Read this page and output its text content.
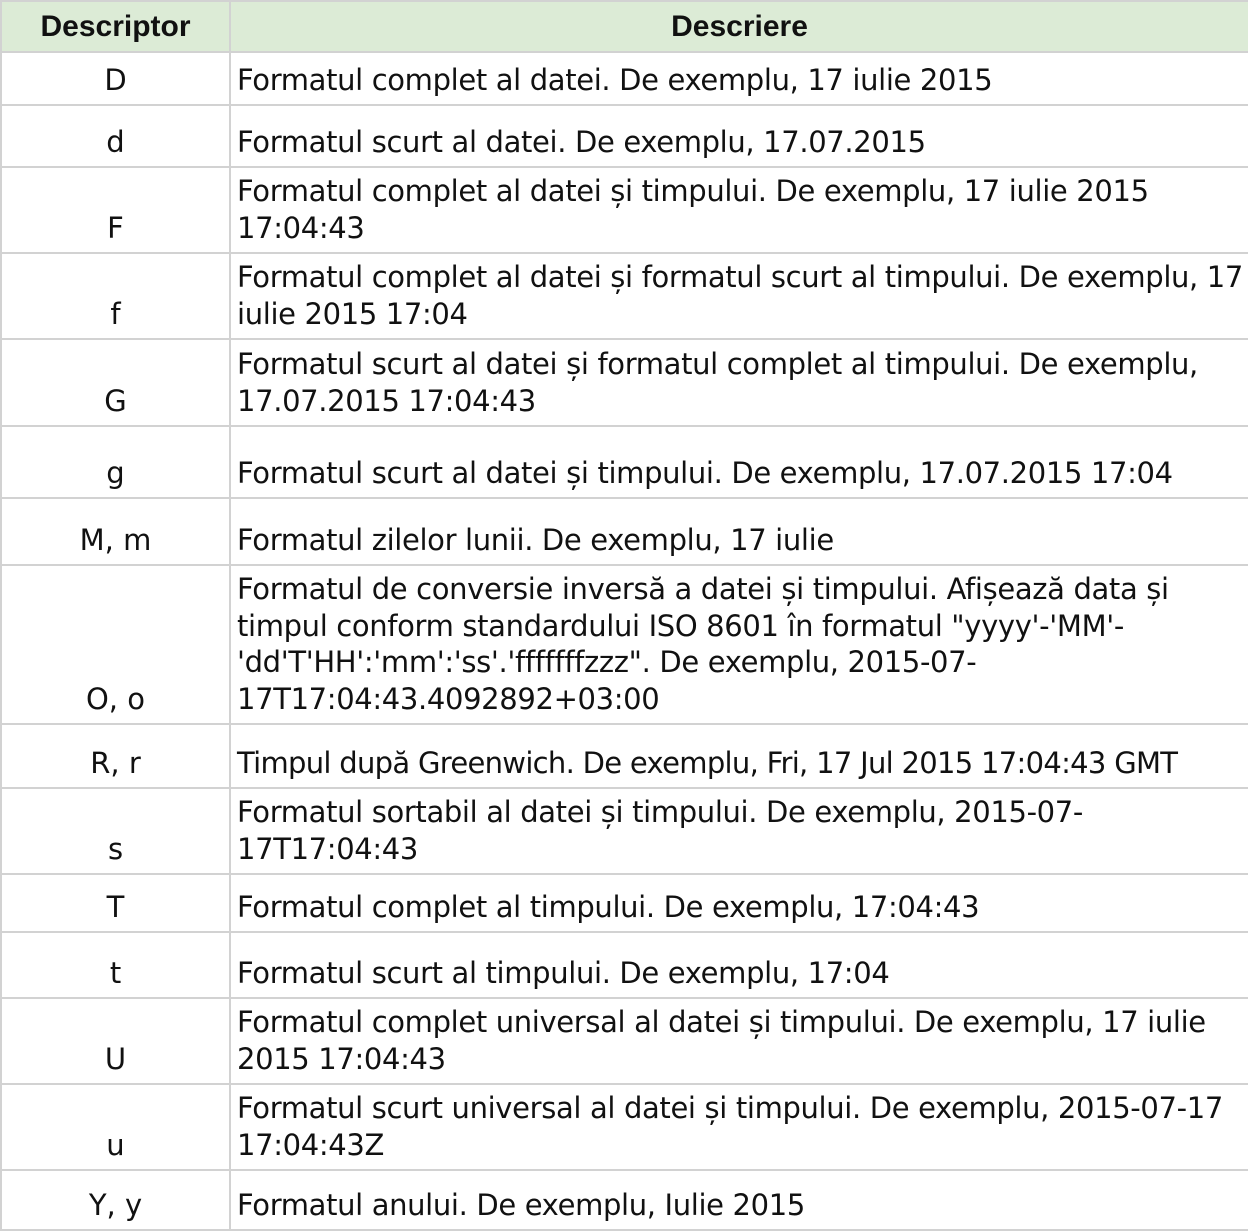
Descriptor	Descriere
D	Formatul complet al datei. De exemplu, 17 iulie 2015
d	Formatul scurt al datei. De exemplu, 17.07.2015
F	Formatul complet al datei și timpului. De exemplu, 17 iulie 2015 17:04:43
f	Formatul complet al datei și formatul scurt al timpului. De exemplu, 17 iulie 2015 17:04
G	Formatul scurt al datei și formatul complet al timpului. De exemplu, 17.07.2015 17:04:43
g	Formatul scurt al datei și timpului. De exemplu, 17.07.2015 17:04
M, m	Formatul zilelor lunii. De exemplu, 17 iulie
O, o	Formatul de conversie inversă a datei și timpului. Afișează data și timpul conform standardului ISO 8601 în formatul "yyyy'-'MM'-'dd'T'HH':'mm':'ss'.'fffffffzzz". De exemplu, 2015-07-17T17:04:43.4092892+03:00
R, r	Timpul după Greenwich. De exemplu, Fri, 17 Jul 2015 17:04:43 GMT
s	Formatul sortabil al datei și timpului. De exemplu, 2015-07-17T17:04:43
T	Formatul complet al timpului. De exemplu, 17:04:43
t	Formatul scurt al timpului. De exemplu, 17:04
U	Formatul complet universal al datei și timpului. De exemplu, 17 iulie 2015 17:04:43
u	Formatul scurt universal al datei și timpului. De exemplu, 2015-07-17 17:04:43Z
Y, y	Formatul anului. De exemplu, Iulie 2015
